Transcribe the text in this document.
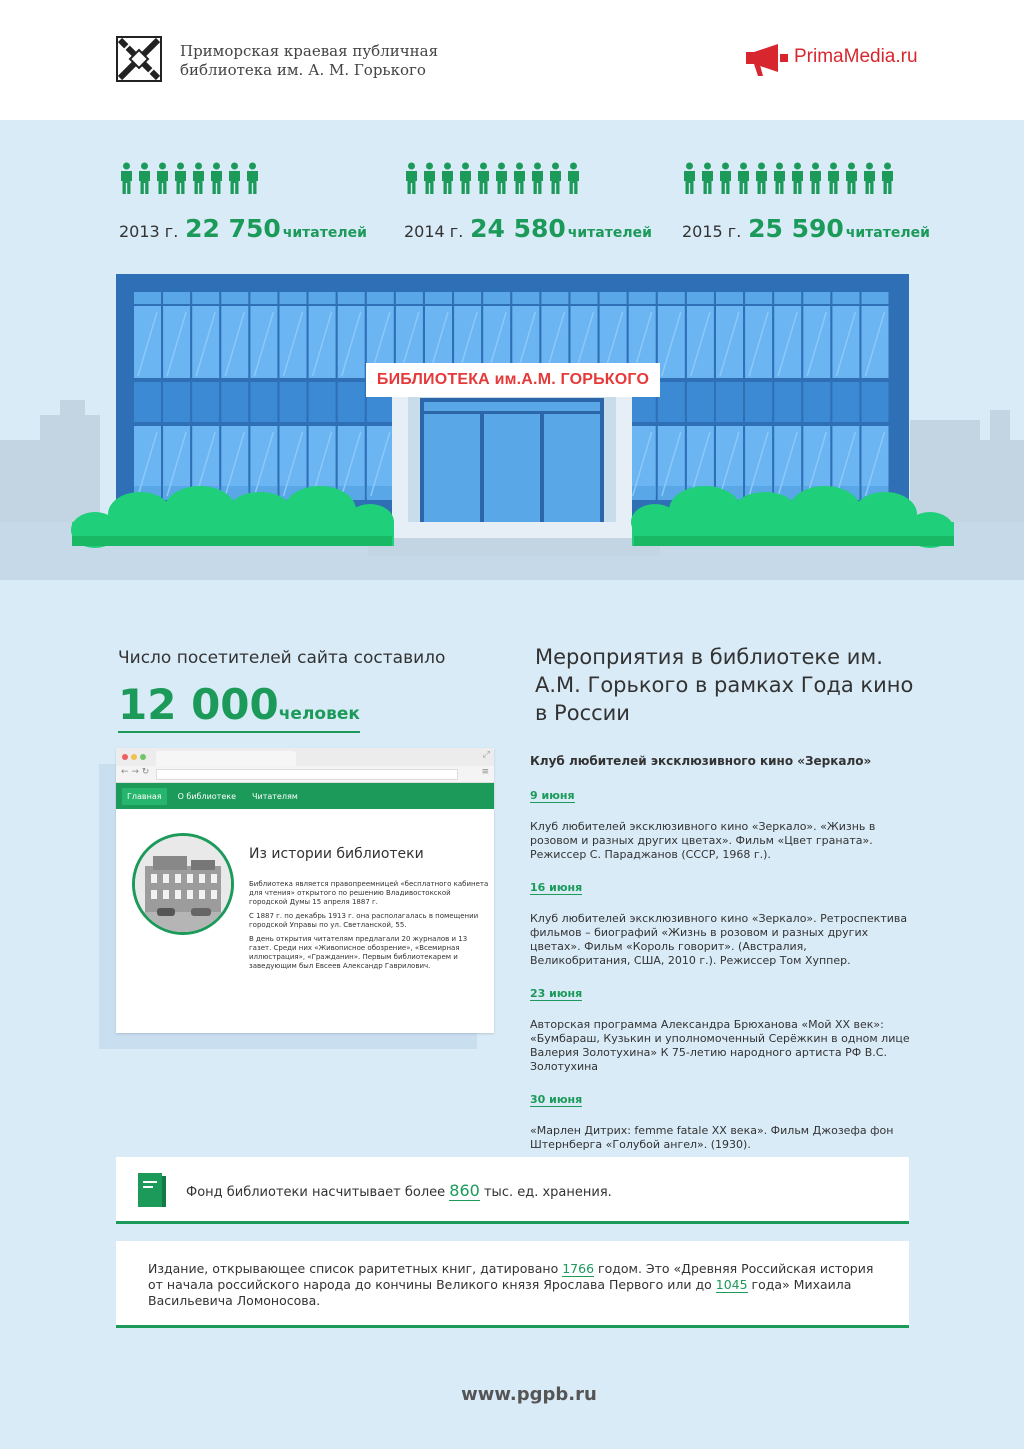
Приморская краевая публичная
библиотека им. А. М. Горького
PrimaMedia.ru
2013 г. 22 750 читателей 2014 г. 24 580 читателей 2015 г. 25 590 читателей
БИБЛИОТЕКА им.А.М. ГОРЬКОГО
Число посетителей сайта составило
12 000человек
⤢
← → ↻	≡
Главная	О библиотеке	Читателям
Из истории библиотеки

Библиотека является правопреемницей «бесплатного кабинета для чтения» открытого по решению Владивостокской городской Думы 15 апреля 1887 г.

С 1887 г. по декабрь 1913 г. она располагалась в помещении городской Управы по ул. Светланской, 55.

В день открытия читателям предлагали 20 журналов и 13 газет. Среди них «Живописное обозрение», «Всемирная иллюстрация», «Гражданин». Первым библиотекарем и заведующим был Евсеев Александр Гаврилович.

Мероприятия в библиотеке им. А.М. Горького в рамках Года кино в России
Клуб любителей эксклюзивного кино «Зеркало»
9 июня
Клуб любителей эксклюзивного кино «Зеркало». «Жизнь в розовом и разных других цветах». Фильм «Цвет граната». Режиссер С. Параджанов (СССР, 1968 г.).
16 июня
Клуб любителей эксклюзивного кино «Зеркало». Ретроспектива фильмов – биографий «Жизнь в розовом и разных других цветах». Фильм «Король говорит». (Австралия, Великобритания, США, 2010 г.). Режиссер Том Хуппер.
23 июня
Авторская программа Александра Брюханова «Мой XX век»: «Бумбараш, Кузькин и уполномоченный Серёжкин в одном лице Валерия Золотухина» К 75-летию народного артиста РФ В.С. Золотухина
30 июня
«Марлен Дитрих: femme fatale XX века». Фильм Джозефа фон Штернберга «Голубой ангел». (1930).
Фонд библиотеки насчитывает более 860 тыс. ед. хранения.
Издание, открывающее список раритетных книг, датировано 1766 годом. Это «Древняя Российская история от начала российского народа до кончины Великого князя Ярослава Первого или до 1045 года» Михаила Васильевича Ломоносова.
www.pgpb.ru
